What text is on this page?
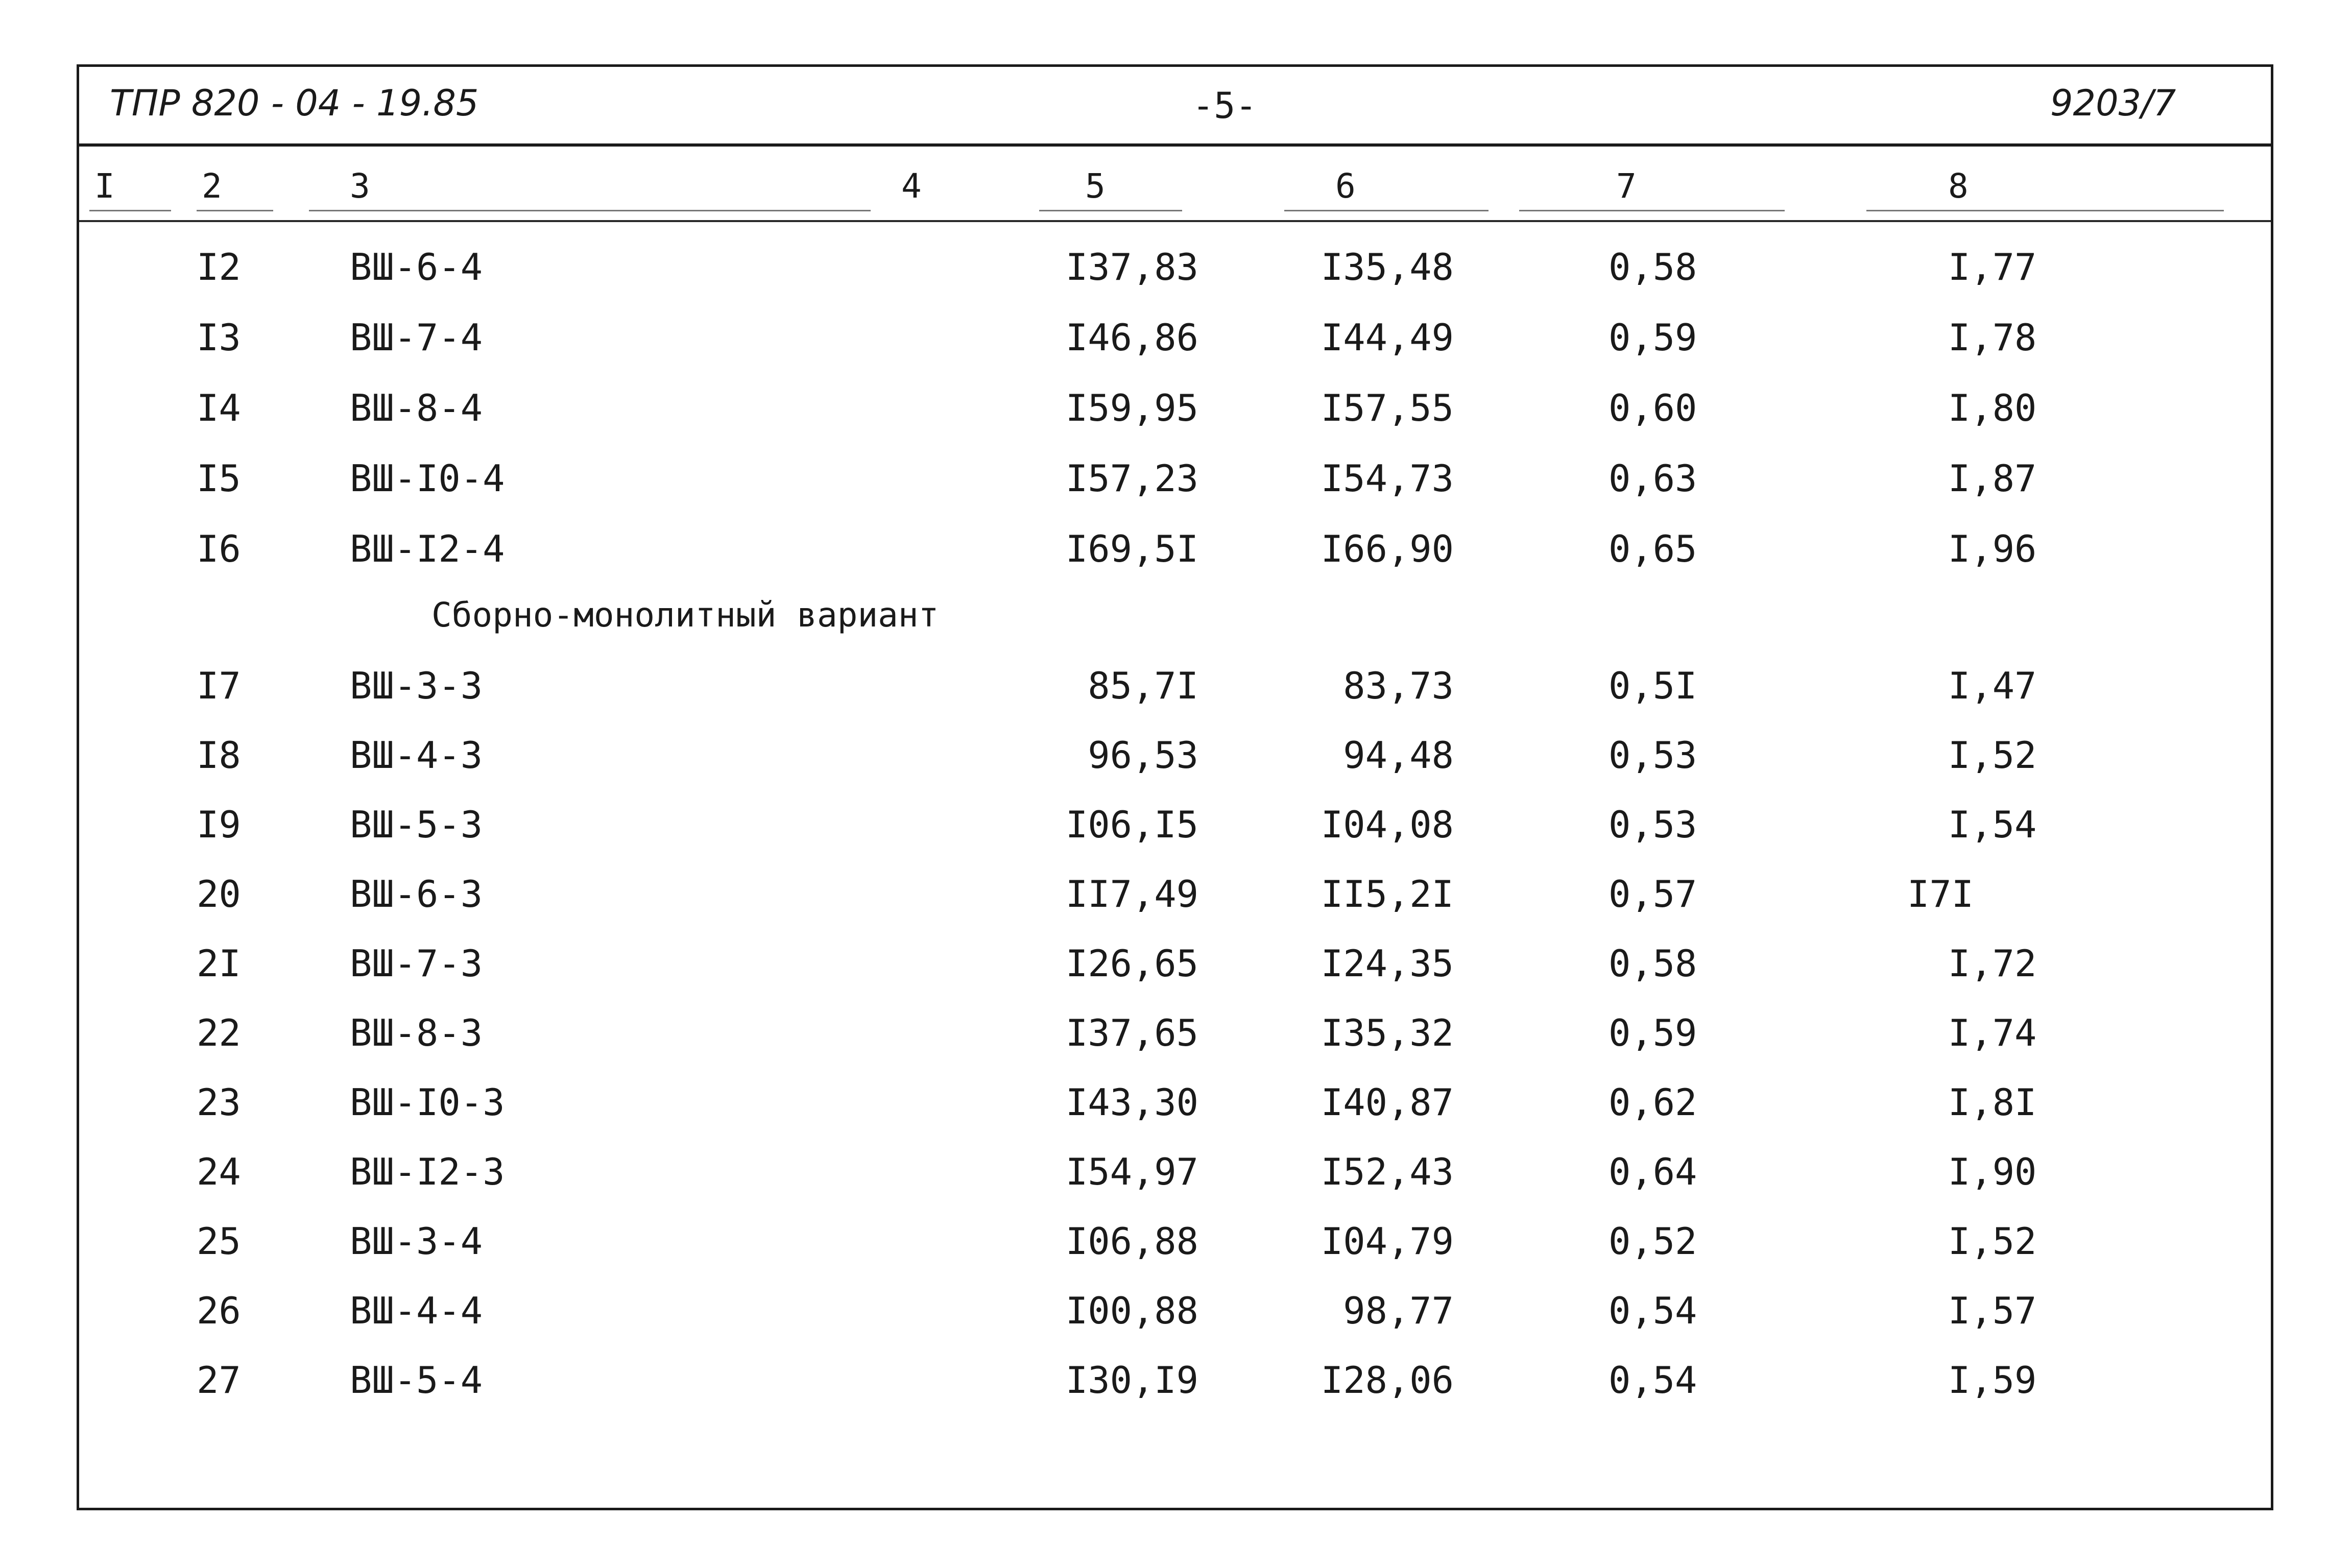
ТПР 820 - 04 - 19.85	-5-	9203/7
I	2	3	4	5	6	7	8
I2	ВШ-6-4	I37,83	I35,48	0,58	I,77
I3	ВШ-7-4	I46,86	I44,49	0,59	I,78
I4	ВШ-8-4	I59,95	I57,55	0,60	I,80
I5	ВШ-I0-4	I57,23	I54,73	0,63	I,87
I6	ВШ-I2-4	I69,5I	I66,90	0,65	I,96
Сборно-монолитный вариант
I7	ВШ-3-3	85,7I	83,73	0,5I	I,47
I8	ВШ-4-3	96,53	94,48	0,53	I,52
I9	ВШ-5-3	I06,I5	I04,08	0,53	I,54
20	ВШ-6-3	II7,49	II5,2I	0,57	I7I
2I	ВШ-7-3	I26,65	I24,35	0,58	I,72
22	ВШ-8-3	I37,65	I35,32	0,59	I,74
23	ВШ-I0-3	I43,30	I40,87	0,62	I,8I
24	ВШ-I2-3	I54,97	I52,43	0,64	I,90
25	ВШ-3-4	I06,88	I04,79	0,52	I,52
26	ВШ-4-4	I00,88	98,77	0,54	I,57
27	ВШ-5-4	I30,I9	I28,06	0,54	I,59
